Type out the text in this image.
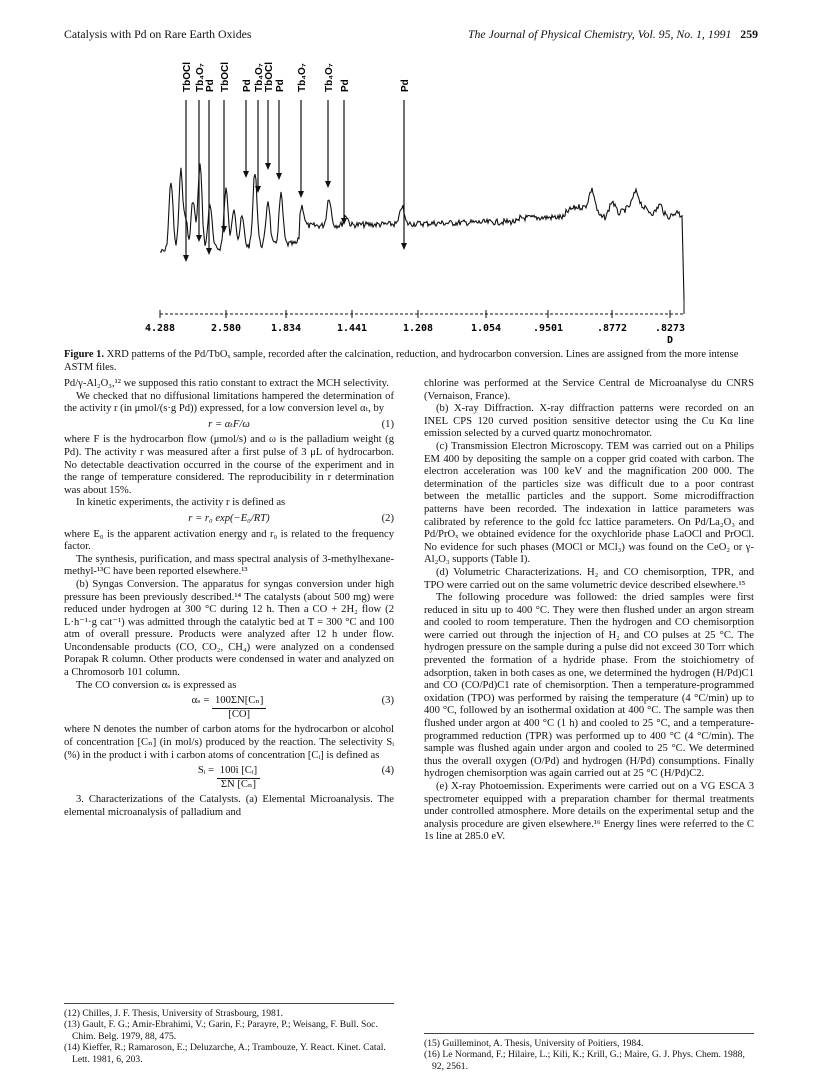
Catalysis with Pd on Rare Earth Oxides	The Journal of Physical Chemistry, Vol. 95, No. 1, 1991 259
TbOCl Tb₄O₇ Pd TbOCl Pd Tb₄O₇ TbOCl Pd Tb₄O₇ Tb₄O₇ Pd	Pd
4.288	2.580	1.834	1.441	1.208	1.054	.9501	.8772	.8273
D
Figure 1. XRD patterns of the Pd/TbOₓ sample, recorded after the calcination, reduction, and hydrocarbon conversion. Lines are assigned from the more intense ASTM files.

Pd/γ-Al₂O₃,¹² we supposed this ratio constant to extract the MCH selectivity.

We checked that no diffusional limitations hampered the determination of the activity r (in μmol/(s·g Pd)) expressed, for a low conversion level αₜ, by

r = αₜF/ω	(1)

where F is the hydrocarbon flow (μmol/s) and ω is the palladium weight (g Pd). The activity r was measured after a first pulse of 3 μL of hydrocarbon. No detectable deactivation occurred in the course of the experiment and in the range of temperature considered. The reproducibility in r determination was about 15%.

In kinetic experiments, the activity r is defined as

r = r₀ exp(−E₀/RT)	(2)

where E₀ is the apparent activation energy and r₀ is related to the frequency factor.

The synthesis, purification, and mass spectral analysis of 3-methylhexane-methyl-¹³C have been reported elsewhere.¹³

(b) Syngas Conversion. The apparatus for syngas conversion under high pressure has been previously described.¹⁴ The catalysts (about 500 mg) were reduced under hydrogen at 300 °C during 12 h. Then a CO + 2H₂ flow (2 L·h⁻¹·g cat⁻¹) was admitted through the catalytic bed at T = 300 °C and 100 atm of overall pressure. Products were analyzed after 12 h under flow. Uncondensable products (CO, CO₂, CH₄) were analyzed on a condensed Porapak R column. Other products were condensed in water and analyzed on a Chromosorb 101 column.

The CO conversion αₛ is expressed as

αₛ =
$\frac{\text{100ΣN[Cₙ]}}{[CO]}$	(3)

where N denotes the number of carbon atoms for the hydrocarbon or alcohol of concentration [Cₙ] (in mol/s) produced by the reaction. The selectivity Sᵢ (%) in the product i with i carbon atoms of concentration [Cᵢ] is defined as

Sᵢ =
$\frac{\text{100i [Cᵢ]}}{\text{ΣN [Cₙ]}}$	(4)

3. Characterizations of the Catalysts. (a) Elemental Microanalysis. The elemental microanalysis of palladium and

chlorine was performed at the Service Central de Microanalyse du CNRS (Vernaison, France).

(b) X-ray Diffraction. X-ray diffraction patterns were recorded on an INEL CPS 120 curved position sensitive detector using the Cu Kα line emission selected by a curved quartz monochromator.

(c) Transmission Electron Microscopy. TEM was carried out on a Philips EM 400 by depositing the sample on a copper grid coated with carbon. The electron acceleration was 100 keV and the magnification 200 000. The determination of the particles size was difficult due to a poor contrast between the metallic particles and the support. Some microdiffraction patterns have been recorded. The indexation in lattice parameters was calibrated by reference to the gold fcc lattice parameters. On Pd/La₂O₃ and Pd/PrOₓ we obtained evidence for the oxychloride phase LaOCl and PrOCl. No evidence for such phases (MOCl or MCl₃) was found on the CeO₂ or γ-Al₂O₃ supports (Table I).

(d) Volumetric Characterizations. H₂ and CO chemisorption, TPR, and TPO were carried out on the same volumetric device described elsewhere.¹⁵

The following procedure was followed: the dried samples were first reduced in situ up to 400 °C. They were then flushed under an argon stream and cooled to room temperature. Then the hydrogen and CO chemisorption were carried out through the injection of H₂ and CO pulses at 25 °C. The hydrogen pressure on the sample during a pulse did not exceed 30 Torr which prevented the formation of a hydride phase. From the stoichiometry of adsorption, taken in both cases as one, we determined the hydrogen (H/Pd)C1 and CO (CO/Pd)C1 rate of chemisorption. Then a temperature-programmed oxidation (TPO) was performed by raising the temperature (4 °C/min) up to 400 °C, followed by an isothermal oxidation at 400 °C. The sample was then flushed under argon at 400 °C (1 h) and cooled to 25 °C, and a temperature-programmed reduction (TPR) was performed up to 400 °C (4 °C/min). The sample was flushed again under argon and cooled to 25 °C. We determined thus the overall oxygen (O/Pd) and hydrogen (H/Pd) consumptions. Finally hydrogen chemisorption was again carried out at 25 °C (H/Pd)C2.

(e) X-ray Photoemission. Experiments were carried out on a VG ESCA 3 spectrometer equipped with a preparation chamber for thermal treatments under controlled atmosphere. More details on the experimental setup and the analysis procedure are given elsewhere.¹⁶ Energy lines were referred to the C 1s line at 285.0 eV.

(12) Chilles, J. F. Thesis, University of Strasbourg, 1981.

(13) Gault, F. G.; Amir-Ebrahimi, V.; Garin, F.; Parayre, P.; Weisang, F. Bull. Soc. Chim. Belg. 1979, 88, 475.

(14) Kieffer, R.; Ramaroson, E.; Deluzarche, A.; Trambouze, Y. React. Kinet. Catal. Lett. 1981, 6, 203.

(15) Guilleminot, A. Thesis, University of Poitiers, 1984.

(16) Le Normand, F.; Hilaire, L.; Kili, K.; Krill, G.; Maire, G. J. Phys. Chem. 1988, 92, 2561.
